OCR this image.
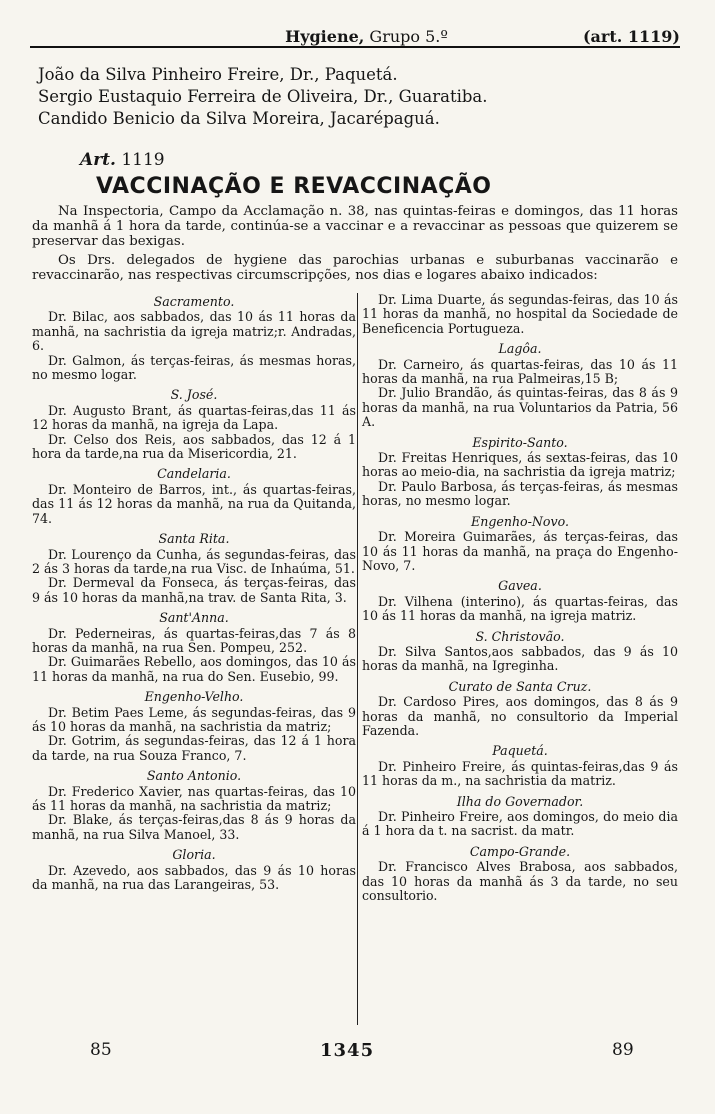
Hygiene, Grupo 5.º	(art. 1119)
João da Silva Pinheiro Freire, Dr., Paquetá.
Sergio Eustaquio Ferreira de Oliveira, Dr., Guaratiba.
Candido Benicio da Silva Moreira, Jacarépaguá.
Art. 1119
VACCINAÇÃO E REVACCINAÇÃO

Na Inspectoria, Campo da Acclamação n. 38, nas quintas-feiras e domingos, das 11 horas da manhã á 1 hora da tarde, continúa-se a vaccinar e a revaccinar as pessoas que quizerem se preservar das bexigas.

Os Drs. delegados de hygiene das parochias urbanas e suburbanas vaccinarão e revaccinarão, nas respectivas circumscripções, nos dias e logares abaixo indicados:

Sacramento.
Dr. Bilac, aos sabbados, das 10 ás 11 horas da manhã, na sachristia da igreja matriz;r. Andradas, 6.
Dr. Galmon, ás terças-feiras, ás mesmas horas, no mesmo logar.
S. José.
Dr. Augusto Brant, ás quartas-feiras,das 11 ás 12 horas da manhã, na igreja da Lapa.
Dr. Celso dos Reis, aos sabbados, das 12 á 1 hora da tarde,na rua da Misericordia, 21.
Candelaria.
Dr. Monteiro de Barros, int., ás quartas-feiras, das 11 ás 12 horas da manhã, na rua da Quitanda, 74.
Santa Rita.
Dr. Lourenço da Cunha, ás segundas-feiras, das 2 ás 3 horas da tarde,na rua Visc. de Inhaúma, 51.
Dr. Dermeval da Fonseca, ás terças-feiras, das 9 ás 10 horas da manhã,na trav. de Santa Rita, 3.
Sant'Anna.
Dr. Pederneiras, ás quartas-feiras,das 7 ás 8 horas da manhã, na rua Sen. Pompeu, 252.
Dr. Guimarães Rebello, aos domingos, das 10 ás 11 horas da manhã, na rua do Sen. Eusebio, 99.
Engenho-Velho.
Dr. Betim Paes Leme, ás segundas-feiras, das 9 ás 10 horas da manhã, na sachristia da matriz;
Dr. Gotrim, ás segundas-feiras, das 12 á 1 hora da tarde, na rua Souza Franco, 7.
Santo Antonio.
Dr. Frederico Xavier, nas quartas-feiras, das 10 ás 11 horas da manhã, na sachristia da matriz;
Dr. Blake, ás terças-feiras,das 8 ás 9 horas da manhã, na rua Silva Manoel, 33.
Gloria.
Dr. Azevedo, aos sabbados, das 9 ás 10 horas da manhã, na rua das Larangeiras, 53.
Dr. Lima Duarte, ás segundas-feiras, das 10 ás 11 horas da manhã, no hospital da Sociedade de Beneficencia Portugueza.
Lagôa.
Dr. Carneiro, ás quartas-feiras, das 10 ás 11 horas da manhã, na rua Palmeiras,15 B;
Dr. Julio Brandão, ás quintas-feiras, das 8 ás 9 horas da manhã, na rua Voluntarios da Patria, 56 A.
Espirito-Santo.
Dr. Freitas Henriques, ás sextas-feiras, das 10 horas ao meio-dia, na sachristia da igreja matriz;
Dr. Paulo Barbosa, ás terças-feiras, ás mesmas horas, no mesmo logar.
Engenho-Novo.
Dr. Moreira Guimarães, ás terças-feiras, das 10 ás 11 horas da manhã, na praça do Engenho-Novo, 7.
Gavea.
Dr. Vilhena (interino), ás quartas-feiras, das 10 ás 11 horas da manhã, na igreja matriz.
S. Christovão.
Dr. Silva Santos,aos sabbados, das 9 ás 10 horas da manhã, na Igreginha.
Curato de Santa Cruz.
Dr. Cardoso Pires, aos domingos, das 8 ás 9 horas da manhã, no consultorio da Imperial Fazenda.
Paquetá.
Dr. Pinheiro Freire, ás quintas-feiras,das 9 ás 11 horas da m., na sachristia da matriz.
Ilha do Governador.
Dr. Pinheiro Freire, aos domingos, do meio dia á 1 hora da t. na sacrist. da matr.
Campo-Grande.
Dr. Francisco Alves Brabosa, aos sabbados, das 10 horas da manhã ás 3 da tarde, no seu consultorio.
85	1345	89
